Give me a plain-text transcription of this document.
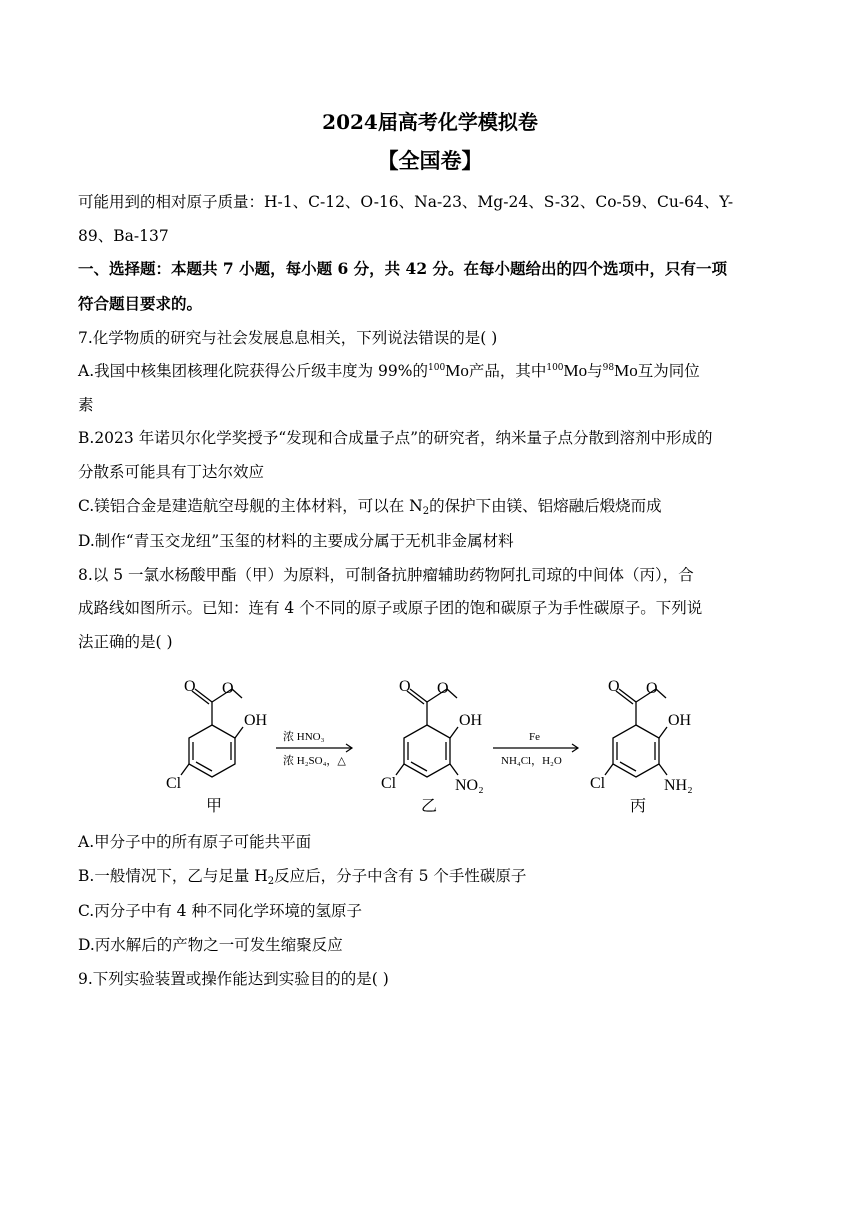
2024届高考化学模拟卷
【全国卷】
可能用到的相对原子质量：H-1、C-12、O-16、Na-23、Mg-24、S-32、Co-59、Cu-64、Y-
89、Ba-137
一、选择题：本题共 7 小题，每小题 6 分，共 42 分。在每小题给出的四个选项中，只有一项
符合题目要求的。
7.化学物质的研究与社会发展息息相关，下列说法错误的是( )
A.我国中核集团核理化院获得公斤级丰度为 99%的$^{100}$Mo产品，其中$^{100}$Mo与$^{98}$Mo互为同位
素
B.2023 年诺贝尔化学奖授予“发现和合成量子点”的研究者，纳米量子点分散到溶剂中形成的
分散系可能具有丁达尔效应
C.镁铝合金是建造航空母舰的主体材料，可以在 $N_2$的保护下由镁、铝熔融后煅烧而成
D.制作“青玉交龙纽”玉玺的材料的主要成分属于无机非金属材料
8.以 5 一氯水杨酸甲酯（甲）为原料，可制备抗肿瘤辅助药物阿扎司琼的中间体（丙），合
成路线如图所示。已知：连有 4 个不同的原子或原子团的饱和碳原子为手性碳原子。下列说
法正确的是( )
O O
OH
Cl
甲
浓 HNO₃
浓 H₂SO₄，△
O O
OH
Cl	NO₂
乙
Fe
NH₄Cl，H₂O
O O
OH
Cl	NH₂
丙
A.甲分子中的所有原子可能共平面
B.一般情况下，乙与足量 $H_2$反应后，分子中含有 5 个手性碳原子
C.丙分子中有 4 种不同化学环境的氢原子
D.丙水解后的产物之一可发生缩聚反应
9.下列实验装置或操作能达到实验目的的是( )
